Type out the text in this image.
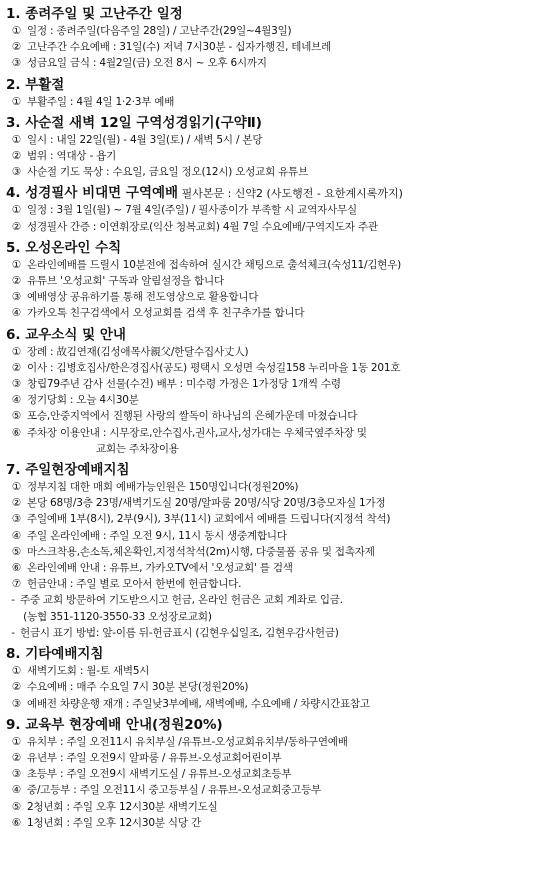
1. 종려주일 및 고난주간 일정
① 일정 : 종려주일(다음주일 28일) / 고난주간(29일~4월3일)
② 고난주간 수요예배 : 31일(수) 저녁 7시30분 - 십자가행진, 테네브레
③ 성금요일 금식 : 4월2일(금) 오전 8시 ~ 오후 6시까지
2. 부활절
① 부활주일 : 4월 4일 1·2·3부 예배
3. 사순절 새벽 12일 구역성경읽기(구약Ⅱ)
① 일시 : 내일 22일(월) - 4월 3일(토) / 새벽 5시 / 본당
② 범위 : 역대상 - 욥기
③ 사순절 기도 묵상 : 수요일, 금요일 정오(12시) 오성교회 유튜브
4. 성경필사 비대면 구역예배 필사본문 : 신약2 (사도행전 - 요한계시록까지)
① 일정 : 3월 1일(월) ~ 7월 4일(주일) / 필사종이가 부족할 시 교역자사무실
② 성경필사 간증 : 이연휘장로(익산 청복교회) 4월 7일 수요예배/구역지도자 주관
5. 오성온라인 수칙
① 온라인예배를 드릴시 10분전에 접속하여 실시간 채팅으로 출석체크(숙성11/김현우)
② 유튜브 '오성교회' 구독과 알림설정을 합니다
③ 예배영상 공유하기를 통해 전도영상으로 활용합니다
④ 가카오톡 친구검색에서 오성교회를 검색 후 친구추가를 합니다
6. 교우소식 및 안내
① 장례 : 故김연재(김성애목사親父/한달수집사丈人)
② 이사 : 김병호집사/한은경집사(공도) 평택시 오성면 숙성길158 누리마을 1동 201호
③ 창립79주년 감사 선물(수건) 배부 : 미수령 가정은 1가정당 1개씩 수령
④ 정기당회 : 오늘 4시30분
⑤ 포승,안중지역에서 진행된 사랑의 쌀독이 하나님의 은혜가운데 마쳤습니다
⑥ 주차장 이용안내 : 시무장로,안수집사,권사,교사,성가대는 우체국옆주차장 및
교회는 주차장이용
7. 주일현장예배지침
① 정부지침 대한 매회 예배가능인원은 150명입니다(정원20%)
② 본당 68명/3층 23명/새벽기도실 20명/알파룸 20명/식당 20명/3층모자실 1가정
③ 주일예배 1부(8시), 2부(9시), 3부(11시) 교회에서 예배를 드립니다(지정석 착석)
④ 주일 온라인예배 : 주일 오전 9시, 11시 동시 생중계합니다
⑤ 마스크착용,손소독,체온확인,지정석착석(2m)시행, 다중물품 공유 및 접촉자제
⑥ 온라인예배 안내 : 유튜브, 가카오TV에서 '오성교회' 를 검색
⑦ 헌금안내 : 주일 별로 모아서 한번에 헌금합니다.
- 주중 교회 방문하여 기도받으시고 헌금, 온라인 헌금은 교회 계좌로 입금.
(농협 351-1120-3550-33 오성장로교회)
- 헌금시 표기 방법: 앞-이름 뒤-헌금표시 (김현우십일조, 김현우감사헌금)
8. 기타예배지침
① 새벽기도회 : 월-토 새벽5시
② 수요예배 : 매주 수요일 7시 30분 본당(정원20%)
③ 예배전 차량운행 재개 : 주일낮3부예배, 새벽예배, 수요예배 / 차량시간표참고
9. 교육부 현장예배 안내(정원20%)
① 유치부 : 주일 오전11시 유치부실 /유튜브-오성교회유치부/동하구연예배
② 유년부 : 주일 오전9시 알파룸 / 유튜브-오성교회어린이부
③ 초등부 : 주일 오전9시 새벽기도실 / 유튜브-오성교회초등부
④ 중/고등부 : 주일 오전11시 중고등부실 / 유튜브-오성교회중고등부
⑤ 2청년회 : 주일 오후 12시30분 새벽기도실
⑥ 1청년회 : 주일 오후 12시30분 식당 간
